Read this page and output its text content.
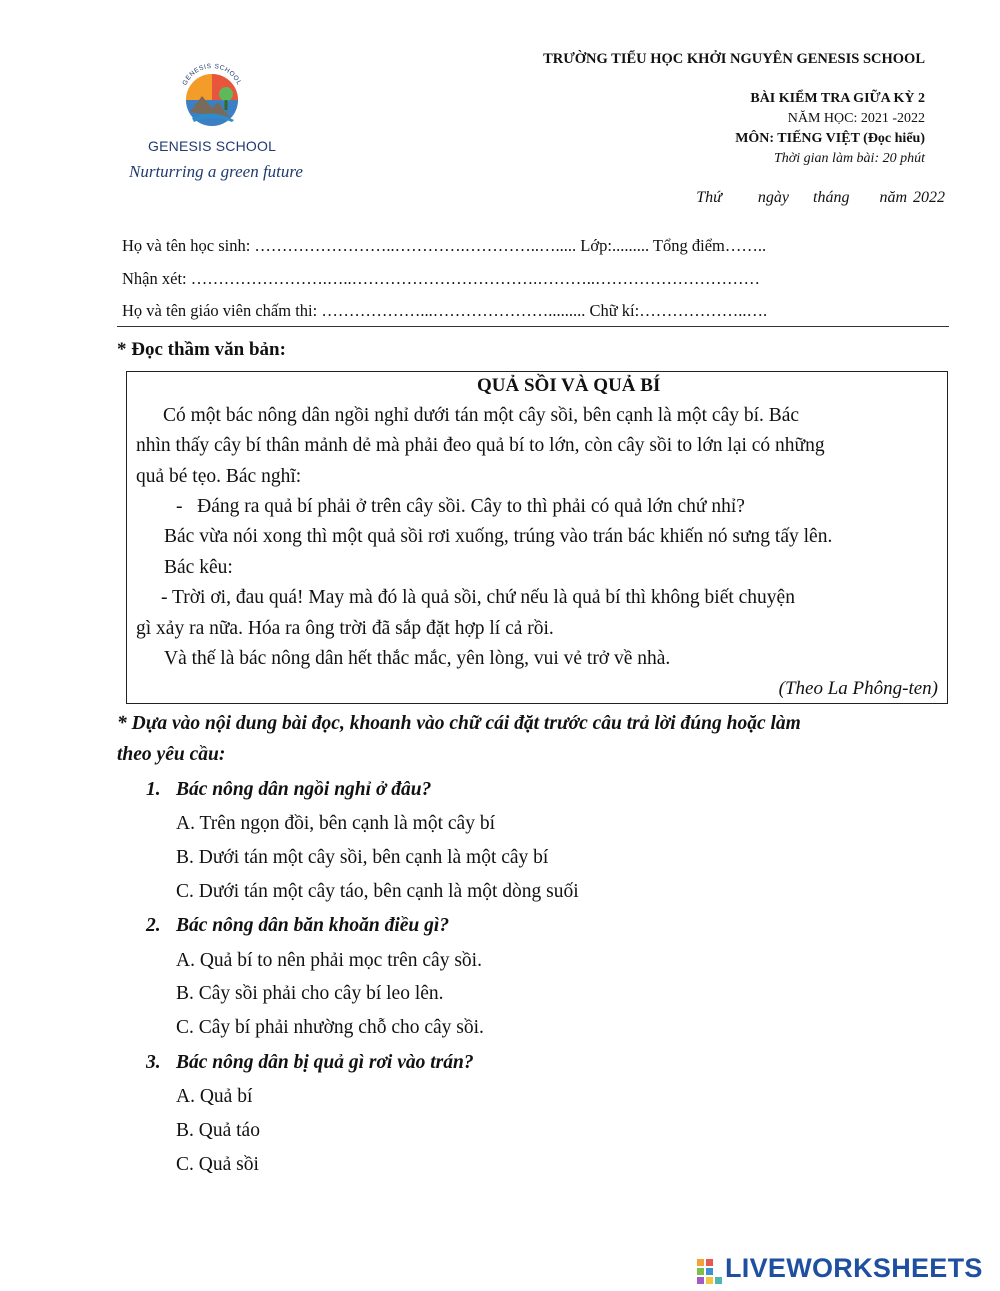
GENESIS SCHOOL
GENESIS SCHOOL
Nurturring a green future
TRƯỜNG TIỂU HỌC KHỞI NGUYÊN GENESIS SCHOOL
BÀI KIỂM TRA GIỮA KỲ 2
NĂM HỌC: 2021 -2022
MÔN: TIẾNG VIỆT (Đọc hiểu)
Thời gian làm bài: 20 phút
Thứ      ngày    tháng     năm 2022
Họ và tên học sinh: ……………………..………….…………..…..... Lớp:......... Tổng điểm……..
Nhận xét: …………………….…..…………………………….………..…………………………
Họ và tên giáo viên chấm thi: ………………...…………………......... Chữ kí:………………..….
* Đọc thầm văn bản:
QUẢ SỒI VÀ QUẢ BÍ
Có một bác nông dân ngồi nghỉ dưới tán một cây sồi, bên cạnh là một cây bí. Bác
nhìn thấy cây bí thân mảnh dẻ mà phải đeo quả bí to lớn, còn cây sồi to lớn lại có những
quả bé tẹo. Bác nghĩ:
-   Đáng ra quả bí phải ở trên cây sồi. Cây to thì phải có quả lớn chứ nhỉ?
Bác vừa nói xong thì một quả sồi rơi xuống, trúng vào trán bác khiến nó sưng tấy lên.
Bác kêu:
- Trời ơi, đau quá! May mà đó là quả sồi, chứ nếu là quả bí thì không biết chuyện
gì xảy ra nữa. Hóa ra ông trời đã sắp đặt hợp lí cả rồi.
Và thế là bác nông dân hết thắc mắc, yên lòng, vui vẻ trở về nhà.
(Theo La Phông-ten)
* Dựa vào nội dung bài đọc, khoanh vào chữ cái đặt trước câu trả lời đúng hoặc làm
theo yêu cầu:
1. Bác nông dân ngồi nghỉ ở đâu?
A. Trên ngọn đồi, bên cạnh là một cây bí
B. Dưới tán một cây sồi, bên cạnh là một cây bí
C. Dưới tán một cây táo, bên cạnh là một dòng suối
2. Bác nông dân băn khoăn điều gì?
A. Quả bí to nên phải mọc trên cây sồi.
B. Cây sồi phải cho cây bí leo lên.
C. Cây bí phải nhường chỗ cho cây sồi.
3. Bác nông dân bị quả gì rơi vào trán?
A. Quả bí
B. Quả táo
C. Quả sồi
LIVEWORKSHEETS
